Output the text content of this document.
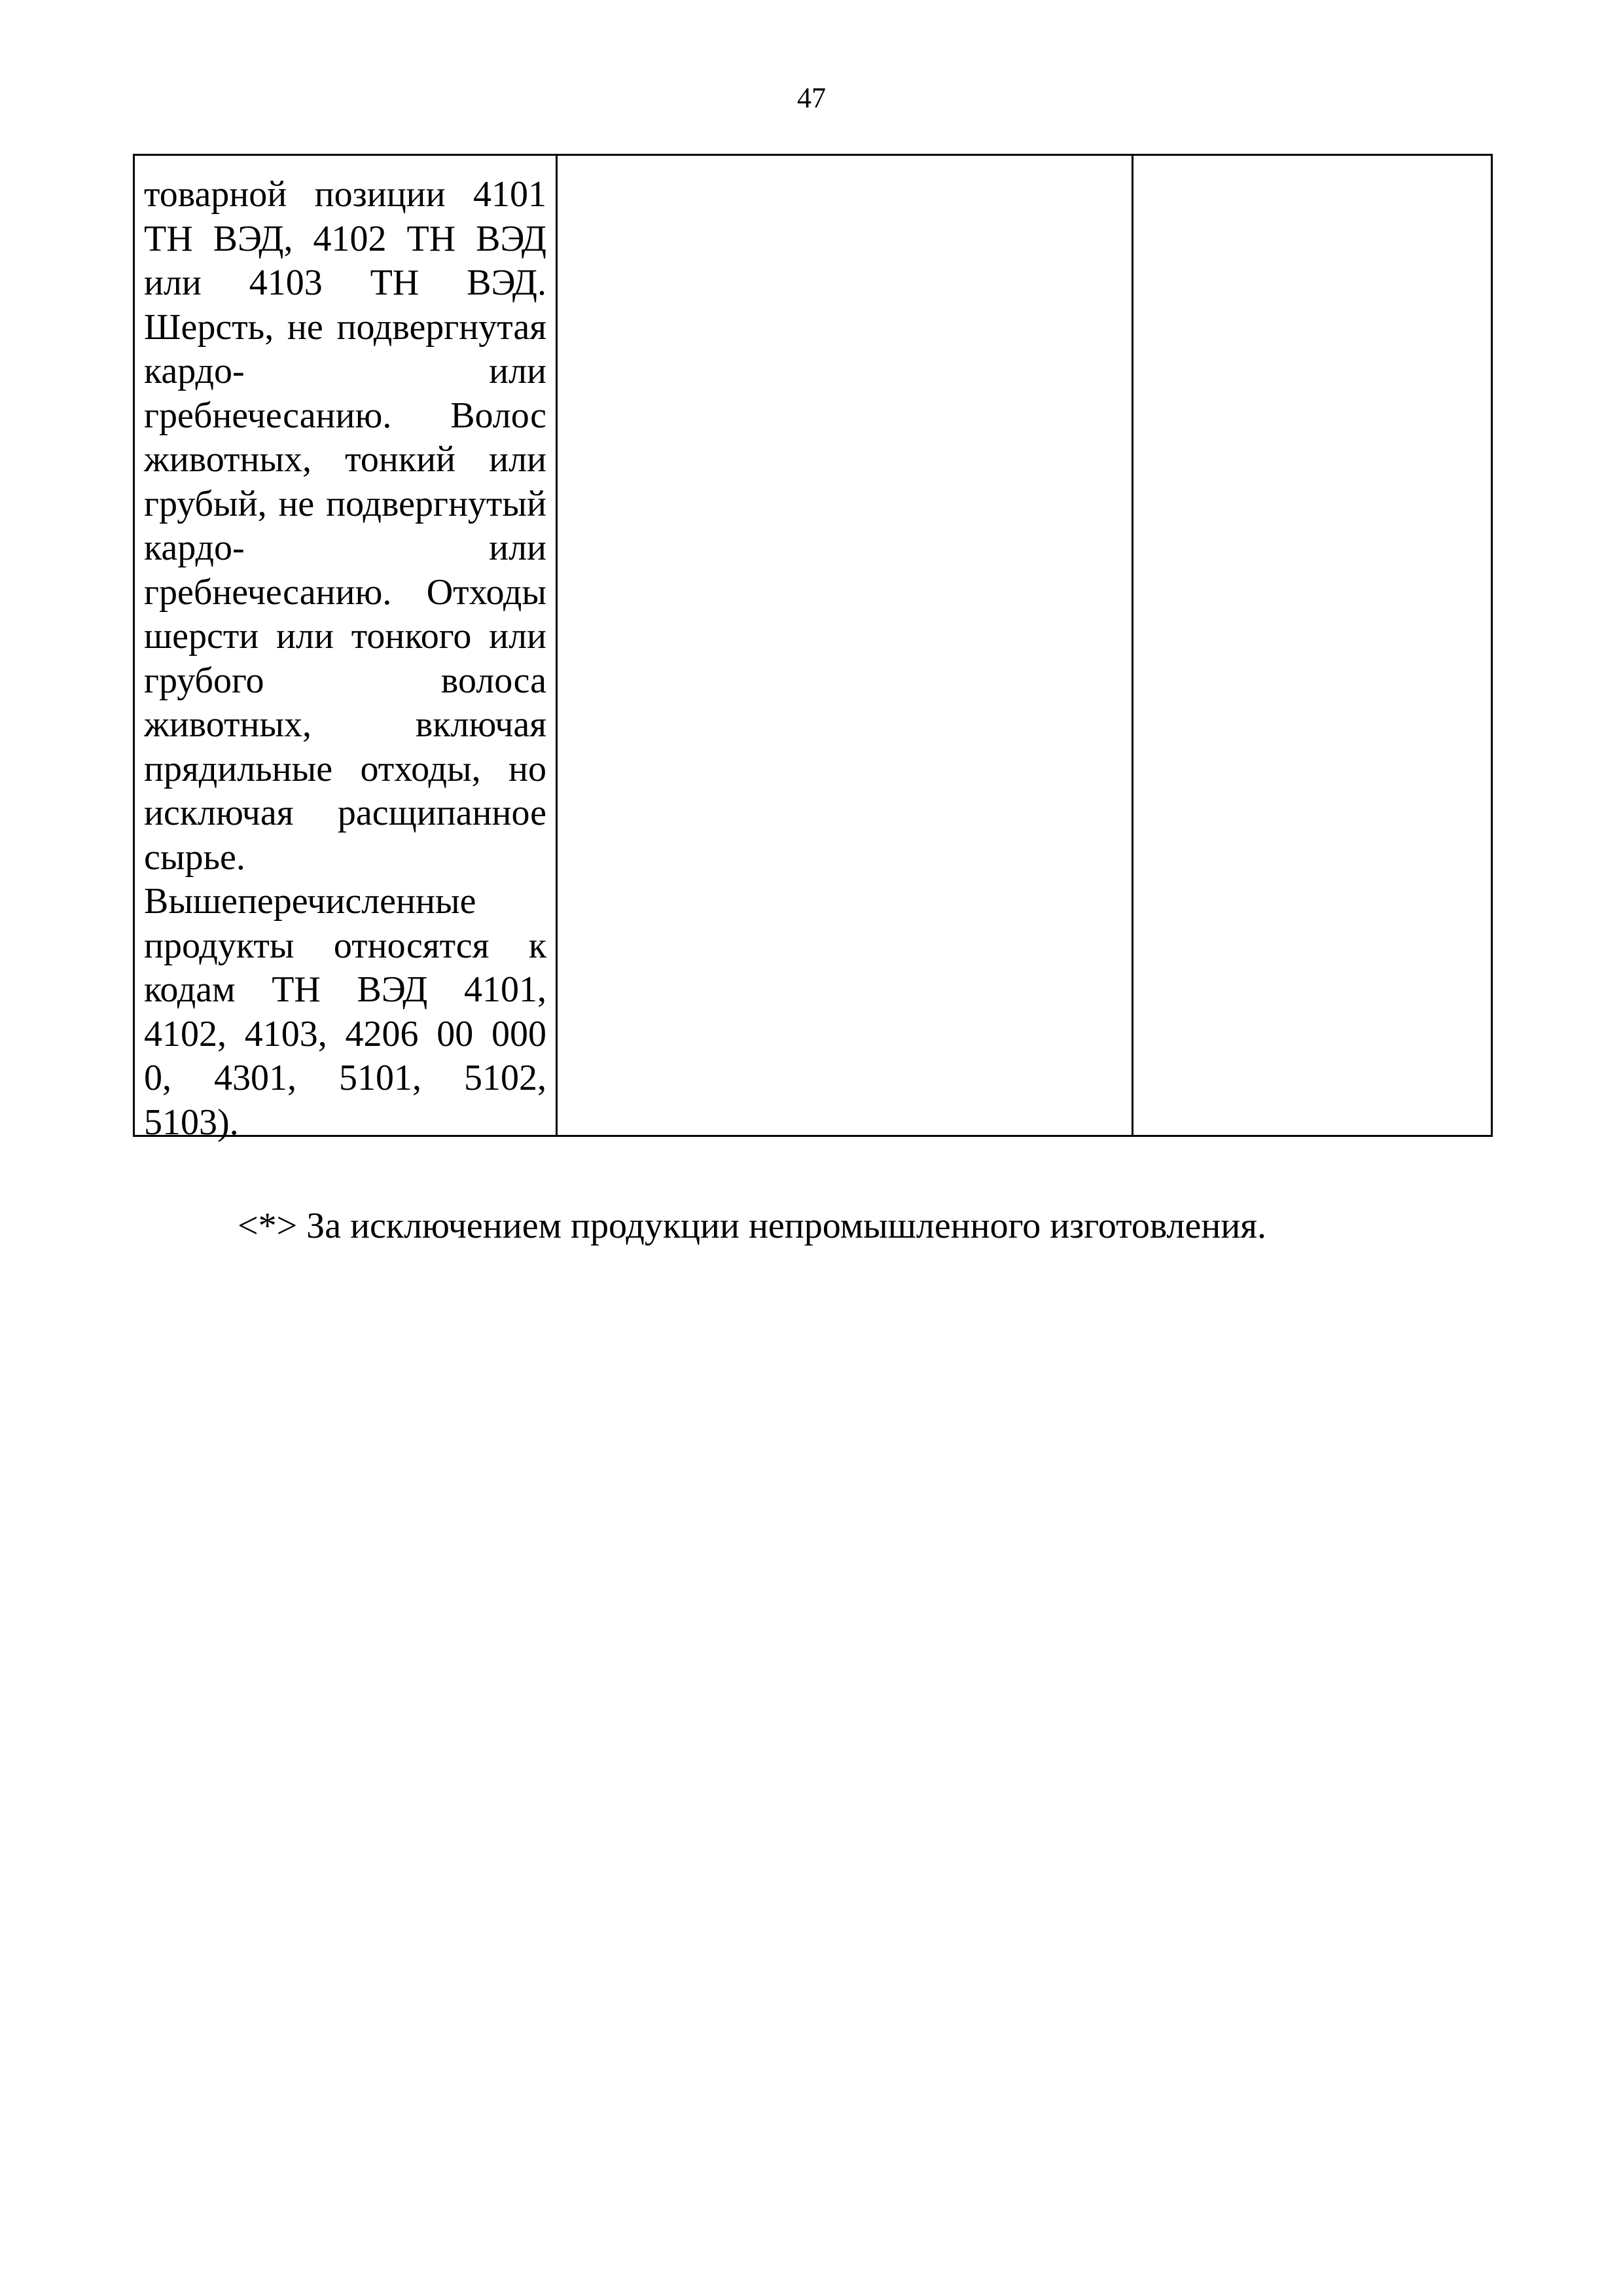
47
товарной позиции 4101 ТН ВЭД, 4102 ТН ВЭД или 4103 ТН ВЭД. Шерсть, не подвергнутая кардо- или гребнечесанию. Волос животных, тонкий или грубый, не подвергнутый кардо- или гребнечесанию. Отходы шерсти или тонкого или грубого волоса животных, включая прядильные отходы, но исключая расщипанное сырье. Вышеперечисленные продукты относятся к кодам ТН ВЭД 4101, 4102, 4103, 4206 00 000 0, 4301, 5101, 5102, 5103).

<*> За исключением продукции непромышленного изготовления.
